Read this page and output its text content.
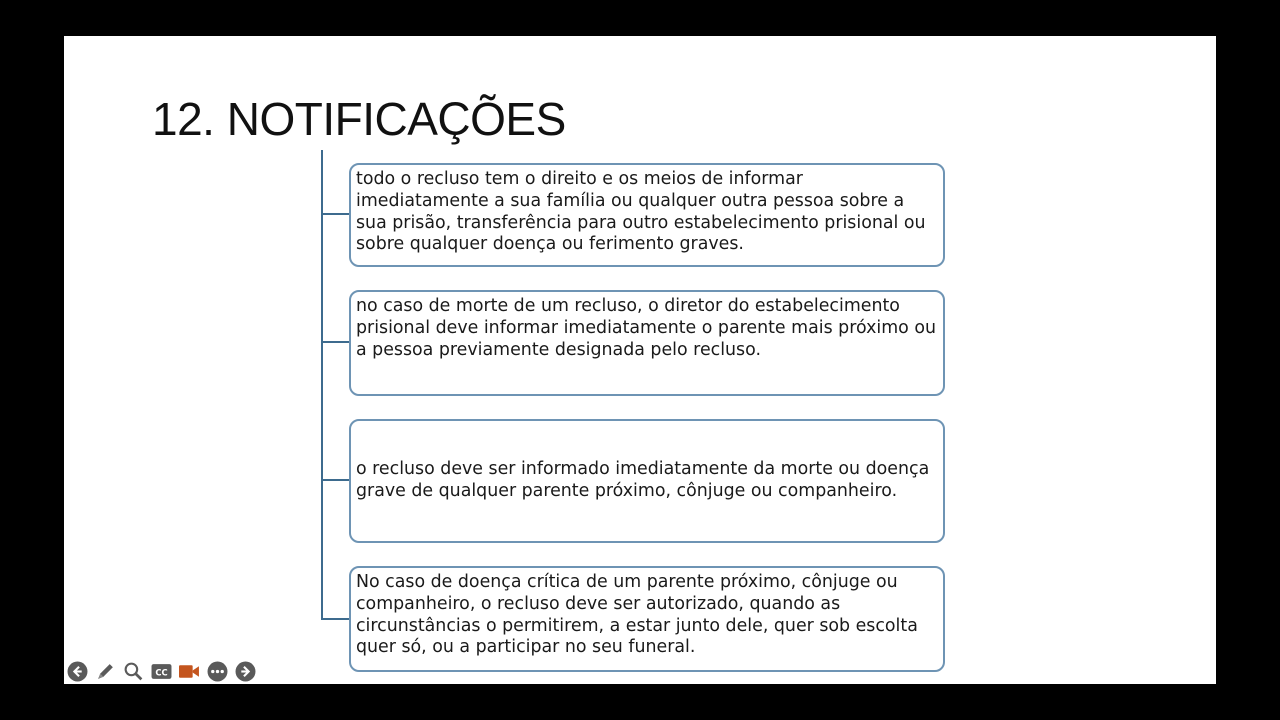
12. NOTIFICAÇÕES
todo o recluso tem o direito e os meios de informar imediatamente a sua família ou qualquer outra pessoa sobre a sua prisão, transferência para outro estabelecimento prisional ou sobre qualquer doença ou ferimento graves.
no caso de morte de um recluso, o diretor do estabelecimento prisional deve informar imediatamente o parente mais próximo ou a pessoa previamente designada pelo recluso.
o recluso deve ser informado imediatamente da morte ou doença grave de qualquer parente próximo, cônjuge ou companheiro.
No caso de doença crítica de um parente próximo, cônjuge ou companheiro, o recluso deve ser autorizado, quando as circunstâncias o permitirem, a estar junto dele, quer sob escolta quer só, ou a participar no seu funeral.
CC	zoom
